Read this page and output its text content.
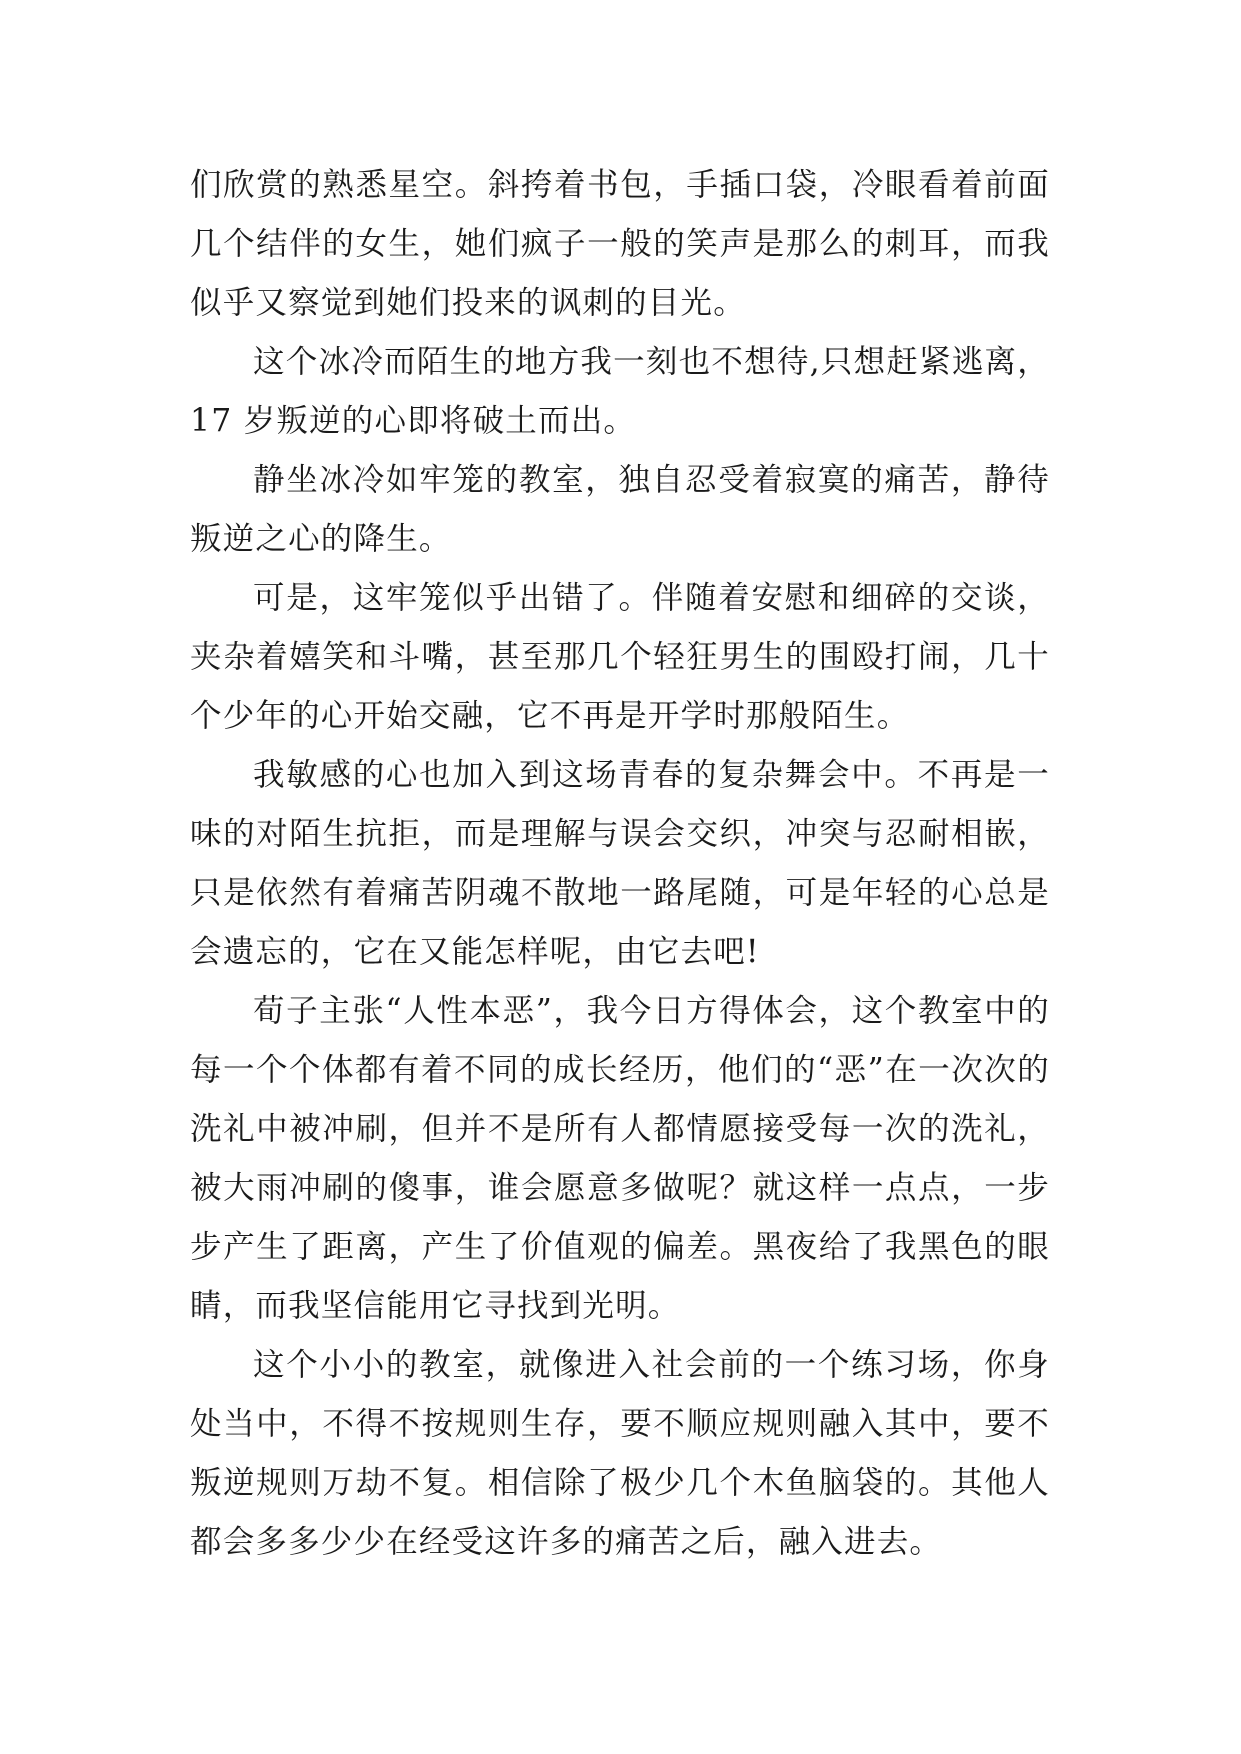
们欣赏的熟悉星空。斜挎着书包，手插口袋，冷眼看着前面几个结伴的女生，她们疯子一般的笑声是那么的刺耳，而我似乎又察觉到她们投来的讽刺的目光。

这个冰冷而陌生的地方我一刻也不想待,只想赶紧逃离，17 岁叛逆的心即将破土而出。

静坐冰冷如牢笼的教室，独自忍受着寂寞的痛苦，静待叛逆之心的降生。

可是，这牢笼似乎出错了。伴随着安慰和细碎的交谈，夹杂着嬉笑和斗嘴，甚至那几个轻狂男生的围殴打闹，几十个少年的心开始交融，它不再是开学时那般陌生。

我敏感的心也加入到这场青春的复杂舞会中。不再是一味的对陌生抗拒，而是理解与误会交织，冲突与忍耐相嵌，只是依然有着痛苦阴魂不散地一路尾随，可是年轻的心总是会遗忘的，它在又能怎样呢，由它去吧!

荀子主张“人性本恶”，我今日方得体会，这个教室中的每一个个体都有着不同的成长经历，他们的“恶”在一次次的洗礼中被冲刷，但并不是所有人都情愿接受每一次的洗礼，被大雨冲刷的傻事，谁会愿意多做呢？就这样一点点，一步步产生了距离，产生了价值观的偏差。黑夜给了我黑色的眼睛，而我坚信能用它寻找到光明。

这个小小的教室，就像进入社会前的一个练习场，你身处当中，不得不按规则生存，要不顺应规则融入其中，要不叛逆规则万劫不复。相信除了极少几个木鱼脑袋的。其他人都会多多少少在经受这许多的痛苦之后，融入进去。
